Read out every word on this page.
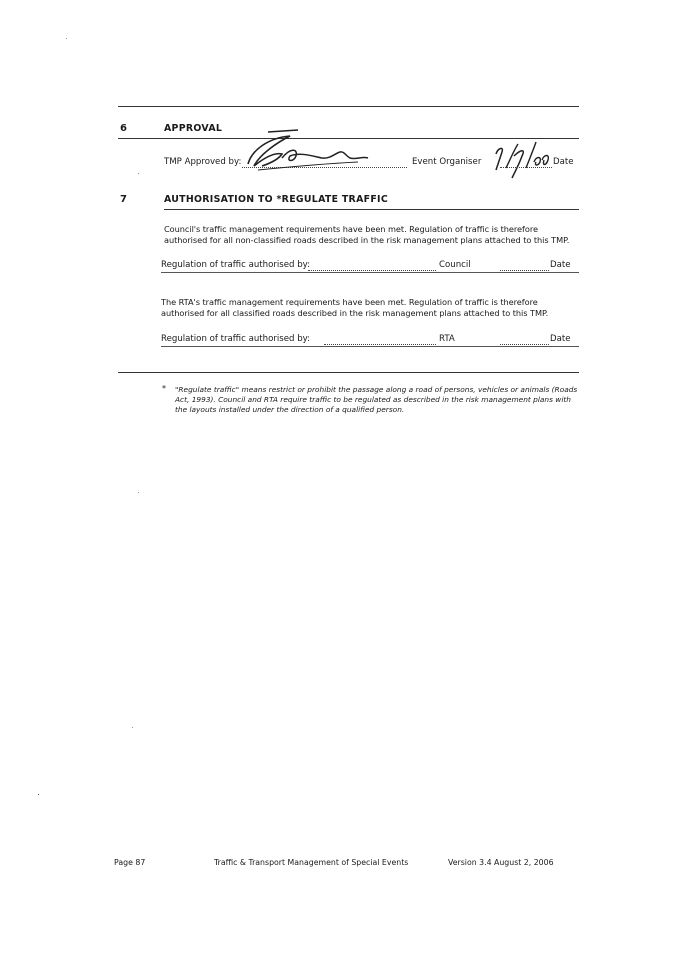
6	APPROVAL
TMP Approved by:	Event Organiser	Date
7	AUTHORISATION TO *REGULATE TRAFFIC
Council's traffic management requirements have been met. Regulation of traffic is therefore authorised for all non-classified roads described in the risk management plans attached to this TMP.
Regulation of traffic authorised by:	Council	Date
The RTA's traffic management requirements have been met. Regulation of traffic is therefore authorised for all classified roads described in the risk management plans attached to this TMP.
Regulation of traffic authorised by:	RTA	Date
* "Regulate traffic" means restrict or prohibit the passage along a road of persons, vehicles or animals (Roads Act, 1993). Council and RTA require traffic to be regulated as described in the risk management plans with the layouts installed under the direction of a qualified person.
Page 87	Traffic & Transport Management of Special Events	Version 3.4 August 2, 2006
